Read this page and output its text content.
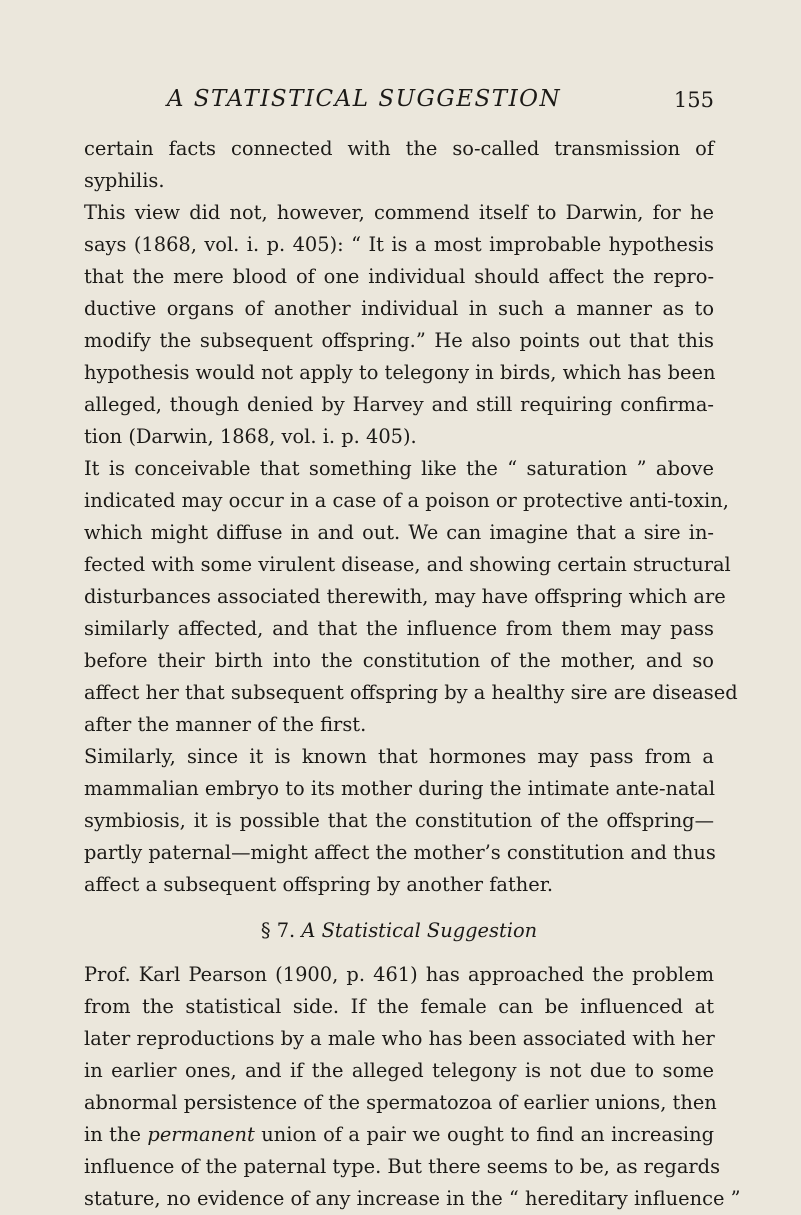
A STATISTICAL SUGGESTION	155
certain facts connected with the so-called transmission of
syphilis.
This view did not, however, commend itself to Darwin, for he
says (1868, vol. i. p. 405): “ It is a most improbable hypothesis
that the mere blood of one individual should affect the repro-
ductive organs of another individual in such a manner as to
modify the subsequent offspring.” He also points out that this
hypothesis would not apply to telegony in birds, which has been
alleged, though denied by Harvey and still requiring confirma-
tion (Darwin, 1868, vol. i. p. 405).
It is conceivable that something like the “ saturation ” above
indicated may occur in a case of a poison or protective anti-toxin,
which might diffuse in and out. We can imagine that a sire in-
fected with some virulent disease, and showing certain structural
disturbances associated therewith, may have offspring which are
similarly affected, and that the influence from them may pass
before their birth into the constitution of the mother, and so
affect her that subsequent offspring by a healthy sire are diseased
after the manner of the first.
Similarly, since it is known that hormones may pass from a
mammalian embryo to its mother during the intimate ante-natal
symbiosis, it is possible that the constitution of the offspring—
partly paternal—might affect the mother’s constitution and thus
affect a subsequent offspring by another father.
§ 7. A Statistical Suggestion
Prof. Karl Pearson (1900, p. 461) has approached the problem
from the statistical side. If the female can be influenced at
later reproductions by a male who has been associated with her
in earlier ones, and if the alleged telegony is not due to some
abnormal persistence of the spermatozoa of earlier unions, then
in the permanent union of a pair we ought to find an increasing
influence of the paternal type. But there seems to be, as regards
stature, no evidence of any increase in the “ hereditary influence ”
